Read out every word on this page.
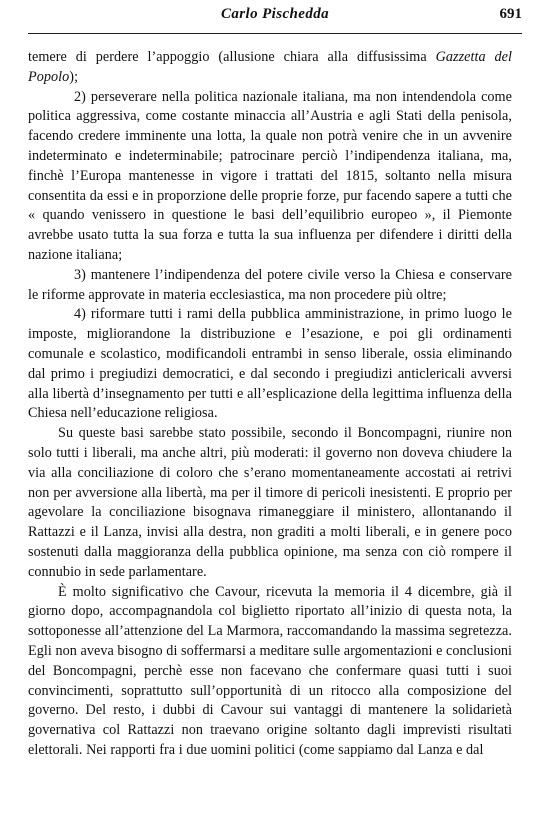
Carlo Pischedda	691

temere di perdere l’appoggio (allusione chiara alla diffusissima Gazzetta del Popolo);

2) perseverare nella politica nazionale italiana, ma non intendendola come politica aggressiva, come costante minaccia all’Austria e agli Stati della penisola, facendo credere imminente una lotta, la quale non potrà venire che in un avvenire indeterminato e indeterminabile; patrocinare perciò l’indipendenza italiana, ma, finchè l’Europa mantenesse in vigore i trattati del 1815, soltanto nella misura consentita da essi e in proporzione delle proprie forze, pur facendo sapere a tutti che « quando venissero in questione le basi dell’equilibrio europeo », il Piemonte avrebbe usato tutta la sua forza e tutta la sua influenza per difendere i diritti della nazione italiana;

3) mantenere l’indipendenza del potere civile verso la Chiesa e conservare le riforme approvate in materia ecclesiastica, ma non procedere più oltre;

4) riformare tutti i rami della pubblica amministrazione, in primo luogo le imposte, migliorandone la distribuzione e l’esazione, e poi gli ordinamenti comunale e scolastico, modificandoli entrambi in senso liberale, ossia eliminando dal primo i pregiudizi democratici, e dal secondo i pregiudizi anticlericali avversi alla libertà d’insegnamento per tutti e all’esplicazione della legittima influenza della Chiesa nell’educazione religiosa.

Su queste basi sarebbe stato possibile, secondo il Boncompagni, riunire non solo tutti i liberali, ma anche altri, più moderati: il governo non doveva chiudere la via alla conciliazione di coloro che s’erano momentaneamente accostati ai retrivi non per avversione alla libertà, ma per il timore di pericoli inesistenti. E proprio per agevolare la conciliazione bisognava rimaneggiare il ministero, allontanando il Rattazzi e il Lanza, invisi alla destra, non graditi a molti liberali, e in genere poco sostenuti dalla maggioranza della pubblica opinione, ma senza con ciò rompere il connubio in sede parlamentare.

È molto significativo che Cavour, ricevuta la memoria il 4 dicembre, già il giorno dopo, accompagnandola col biglietto riportato all’inizio di questa nota, la sottoponesse all’attenzione del La Marmora, raccomandando la massima segretezza. Egli non aveva bisogno di soffermarsi a meditare sulle argomentazioni e conclusioni del Boncompagni, perchè esse non facevano che confermare quasi tutti i suoi convincimenti, soprattutto sull’opportunità di un ritocco alla composizione del governo. Del resto, i dubbi di Cavour sui vantaggi di mantenere la solidarietà governativa col Rattazzi non traevano origine soltanto dagli imprevisti risultati elettorali. Nei rapporti fra i due uomini politici (come sappiamo dal Lanza e dal
